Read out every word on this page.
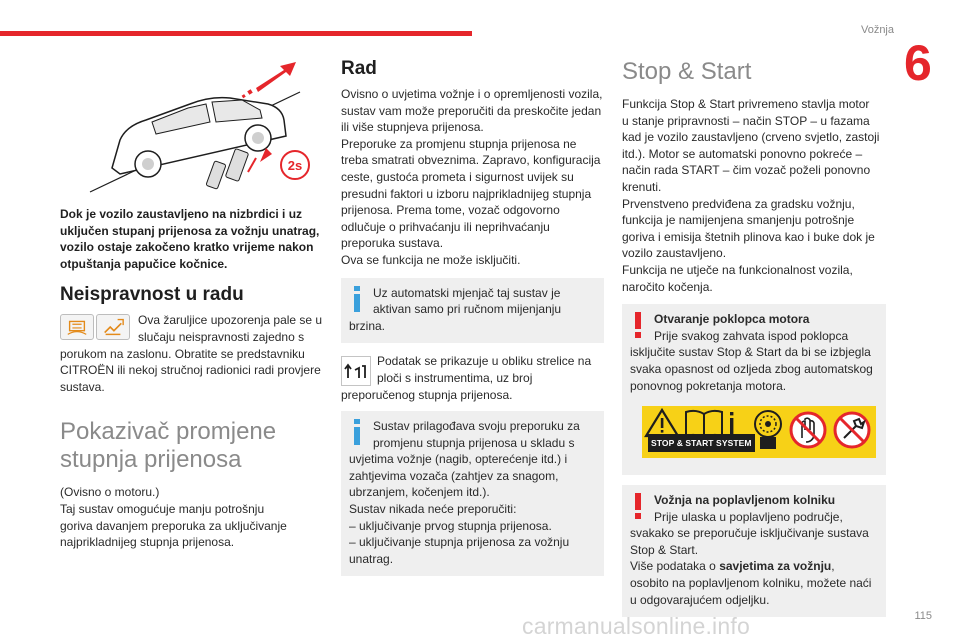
Vožnja
6
2s

Dok je vozilo zaustavljeno na nizbrdici i uz uključen stupanj prijenosa za vožnju unatrag, vozilo ostaje zakočeno kratko vrijeme nakon otpuštanja papučice kočnice.

Neispravnost u radu
Ova žaruljice upozorenja pale se u slučaju neispravnosti zajedno s porukom na zaslonu. Obratite se predstavniku CITROËN ili nekoj stručnoj radionici radi provjere sustava.
Pokazivač promjene
stupnja prijenosa
(Ovisno o motoru.)
Taj sustav omogućuje manju potrošnju
goriva davanjem preporuka za uključivanje
najprikladnijeg stupnja prijenosa.
Rad
Ovisno o uvjetima vožnje i o opremljenosti vozila,
sustav vam može preporučiti da preskočite jedan
ili više stupnjeva prijenosa.
Preporuke za promjenu stupnja prijenosa ne
treba smatrati obveznima. Zapravo, konfiguracija
ceste, gustoća prometa i sigurnost uvijek su
presudni faktori u izboru najprikladnijeg stupnja
prijenosa. Prema tome, vozač odgovorno
odlučuje o prihvaćanju ili neprihvaćanju
preporuka sustava.
Ova se funkcija ne može isključiti.
Uz automatski mjenjač taj sustav je
aktivan samo pri ručnom mijenjanju
brzina.
Podatak se prikazuje u obliku strelice na ploči s instrumentima, uz broj preporučenog stupnja prijenosa.
Sustav prilagođava svoju preporuku za
promjenu stupnja prijenosa u skladu s
uvjetima vožnje (nagib, opterećenje itd.) i
zahtjevima vozača (zahtjev za snagom,
ubrzanjem, kočenjem itd.).
Sustav nikada neće preporučiti:
– uključivanje prvog stupnja prijenosa.
– uključivanje stupnja prijenosa za vožnju
unatrag.
Stop & Start
Funkcija Stop & Start privremeno stavlja motor
u stanje pripravnosti – način STOP – u fazama
kad je vozilo zaustavljeno (crveno svjetlo, zastoji
itd.). Motor se automatski ponovno pokreće –
način rada START – čim vozač poželi ponovno
krenuti.
Prvenstveno predviđena za gradsku vožnju,
funkcija je namijenjena smanjenju potrošnje
goriva i emisija štetnih plinova kao i buke dok je
vozilo zaustavljeno.
Funkcija ne utječe na funkcionalnost vozila,
naročito kočenja.
Otvaranje poklopca motora
Prije svakog zahvata ispod poklopca
isključite sustav Stop & Start da bi se izbjegla
svaka opasnost od ozljeda zbog automatskog
ponovnog pokretanja motora.
STOP & START SYSTEM
Vožnja na poplavljenom kolniku
Prije ulaska u poplavljeno područje,
svakako se preporučuje isključivanje sustava
Stop & Start.
Više podataka o savjetima za vožnju,
osobito na poplavljenom kolniku, možete naći
u odgovarajućem odjeljku.
carmanualsonline.info	115
